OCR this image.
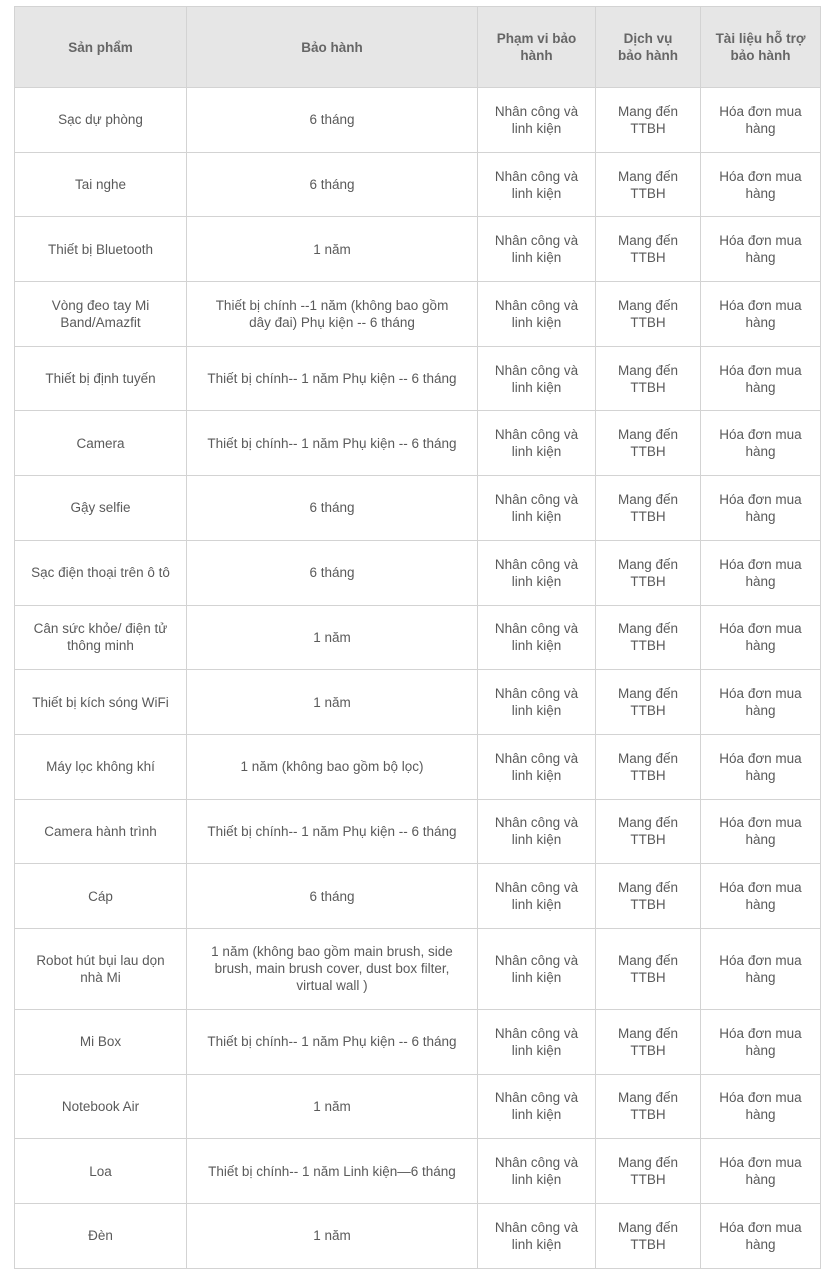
Sản phẩm	Bảo hành	Phạm vi bảo hành	Dịch vụ bảo hành	Tài liệu hỗ trợ bảo hành
Sạc dự phòng	6 tháng	Nhân công và linh kiện	Mang đến TTBH	Hóa đơn mua hàng
Tai nghe	6 tháng	Nhân công và linh kiện	Mang đến TTBH	Hóa đơn mua hàng
Thiết bị Bluetooth	1 năm	Nhân công và linh kiện	Mang đến TTBH	Hóa đơn mua hàng
Vòng đeo tay Mi Band/Amazfit	Thiết bị chính --1 năm (không bao gồm dây đai) Phụ kiện -- 6 tháng	Nhân công và linh kiện	Mang đến TTBH	Hóa đơn mua hàng
Thiết bị định tuyến	Thiết bị chính-- 1 năm Phụ kiện -- 6 tháng	Nhân công và linh kiện	Mang đến TTBH	Hóa đơn mua hàng
Camera	Thiết bị chính-- 1 năm Phụ kiện -- 6 tháng	Nhân công và linh kiện	Mang đến TTBH	Hóa đơn mua hàng
Gậy selfie	6 tháng	Nhân công và linh kiện	Mang đến TTBH	Hóa đơn mua hàng
Sạc điện thoại trên ô tô	6 tháng	Nhân công và linh kiện	Mang đến TTBH	Hóa đơn mua hàng
Cân sức khỏe/ điện tử thông minh	1 năm	Nhân công và linh kiện	Mang đến TTBH	Hóa đơn mua hàng
Thiết bị kích sóng WiFi	1 năm	Nhân công và linh kiện	Mang đến TTBH	Hóa đơn mua hàng
Máy lọc không khí	1 năm (không bao gồm bộ lọc)	Nhân công và linh kiện	Mang đến TTBH	Hóa đơn mua hàng
Camera hành trình	Thiết bị chính-- 1 năm Phụ kiện -- 6 tháng	Nhân công và linh kiện	Mang đến TTBH	Hóa đơn mua hàng
Cáp	6 tháng	Nhân công và linh kiện	Mang đến TTBH	Hóa đơn mua hàng
Robot hút bụi lau dọn nhà Mi	1 năm (không bao gồm main brush, side brush, main brush cover, dust box filter, virtual wall )	Nhân công và linh kiện	Mang đến TTBH	Hóa đơn mua hàng
Mi Box	Thiết bị chính-- 1 năm Phụ kiện -- 6 tháng	Nhân công và linh kiện	Mang đến TTBH	Hóa đơn mua hàng
Notebook Air	1 năm	Nhân công và linh kiện	Mang đến TTBH	Hóa đơn mua hàng
Loa	Thiết bị chính-- 1 năm Linh kiện—6 tháng	Nhân công và linh kiện	Mang đến TTBH	Hóa đơn mua hàng
Đèn	1 năm	Nhân công và linh kiện	Mang đến TTBH	Hóa đơn mua hàng
